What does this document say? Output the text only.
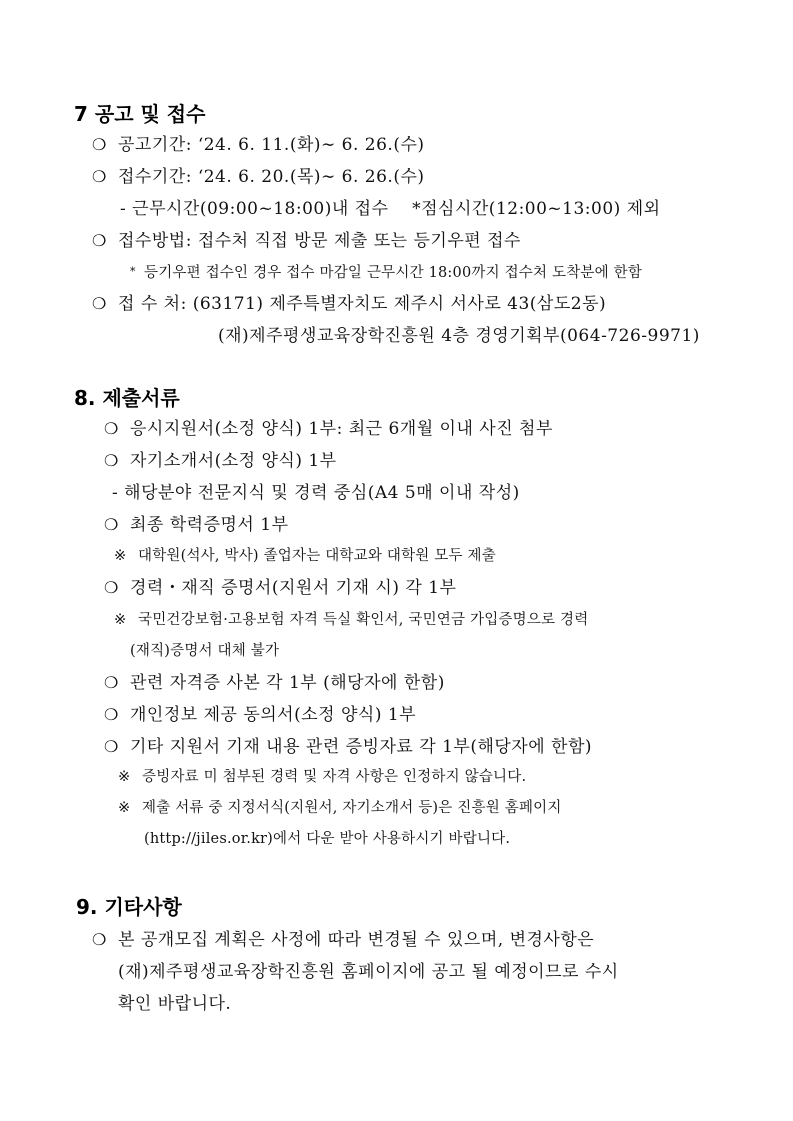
7 공고 및 접수
❍ 공고기간: ‘24. 6. 11.(화)∼ 6. 26.(수)
❍ 접수기간: ‘24. 6. 20.(목)∼ 6. 26.(수)
- 근무시간(09:00~18:00)내 접수    *점심시간(12:00~13:00) 제외
❍ 접수방법: 접수처 직접 방문 제출 또는 등기우편 접수
* 등기우편 접수인 경우 접수 마감일 근무시간 18:00까지 접수처 도착분에 한함
❍ 접 수 처: (63171) 제주특별자치도 제주시 서사로 43(삼도2동)
(재)제주평생교육장학진흥원 4층 경영기획부(064-726-9971)
8. 제출서류
❍ 응시지원서(소정 양식) 1부: 최근 6개월 이내 사진 첨부
❍ 자기소개서(소정 양식) 1부
- 해당분야 전문지식 및 경력 중심(A4 5매 이내 작성)
❍ 최종 학력증명서 1부
※ 대학원(석사, 박사) 졸업자는 대학교와 대학원 모두 제출
❍ 경력・재직 증명서(지원서 기재 시) 각 1부
※ 국민건강보험·고용보험 자격 득실 확인서, 국민연금 가입증명으로 경력
(재직)증명서 대체 불가
❍ 관련 자격증 사본 각 1부 (해당자에 한함)
❍ 개인정보 제공 동의서(소정 양식) 1부
❍ 기타 지원서 기재 내용 관련 증빙자료 각 1부(해당자에 한함)
※ 증빙자료 미 첨부된 경력 및 자격 사항은 인정하지 않습니다.
※ 제출 서류 중 지정서식(지원서, 자기소개서 등)은 진흥원 홈페이지
(http://jiles.or.kr)에서 다운 받아 사용하시기 바랍니다.
9. 기타사항
❍ 본 공개모집 계획은 사정에 따라 변경될 수 있으며, 변경사항은
(재)제주평생교육장학진흥원 홈페이지에 공고 될 예정이므로 수시
확인 바랍니다.
